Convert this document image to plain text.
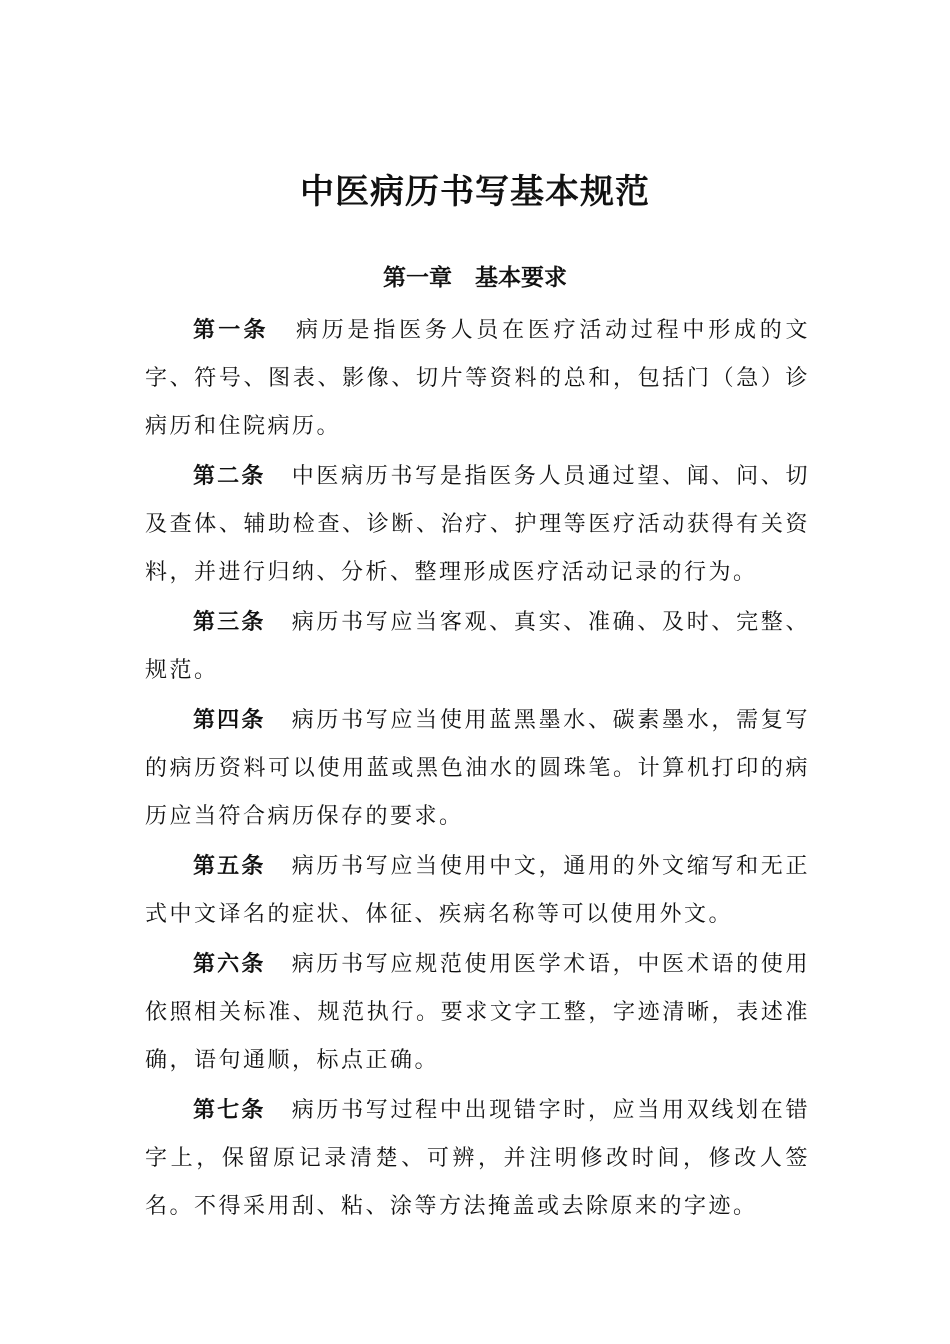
中医病历书写基本规范
第一章　基本要求

第一条 病历是指医务人员在医疗活动过程中形成的文字、符号、图表、影像、切片等资料的总和，包括门（急）诊病历和住院病历。

第二条 中医病历书写是指医务人员通过望、闻、问、切及查体、辅助检查、诊断、治疗、护理等医疗活动获得有关资料，并进行归纳、分析、整理形成医疗活动记录的行为。

第三条 病历书写应当客观、真实、准确、及时、完整、规范。

第四条 病历书写应当使用蓝黑墨水、碳素墨水，需复写的病历资料可以使用蓝或黑色油水的圆珠笔。计算机打印的病历应当符合病历保存的要求。

第五条 病历书写应当使用中文，通用的外文缩写和无正式中文译名的症状、体征、疾病名称等可以使用外文。

第六条 病历书写应规范使用医学术语，中医术语的使用依照相关标准、规范执行。要求文字工整，字迹清晰，表述准确，语句通顺，标点正确。

第七条 病历书写过程中出现错字时，应当用双线划在错字上，保留原记录清楚、可辨，并注明修改时间，修改人签名。不得采用刮、粘、涂等方法掩盖或去除原来的字迹。
